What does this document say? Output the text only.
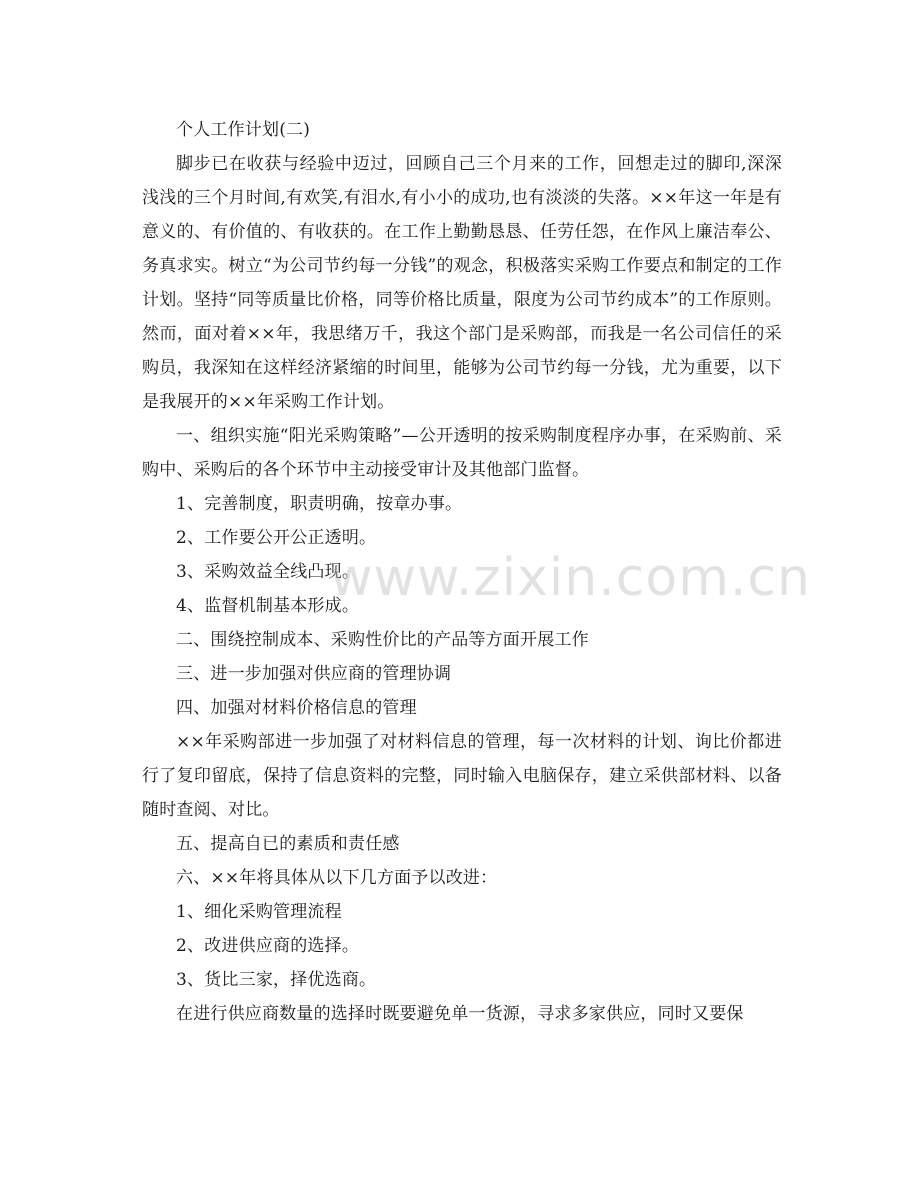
个人工作计划(二)

脚步已在收获与经验中迈过，回顾自己三个月来的工作，回想走过的脚印,深深浅浅的三个月时间,有欢笑,有泪水,有小小的成功,也有淡淡的失落。××年这一年是有意义的、有价值的、有收获的。在工作上勤勤恳恳、任劳任怨，在作风上廉洁奉公、务真求实。树立“为公司节约每一分钱”的观念，积极落实采购工作要点和制定的工作计划。坚持“同等质量比价格，同等价格比质量，限度为公司节约成本”的工作原则。然而，面对着××年，我思绪万千，我这个部门是采购部，而我是一名公司信任的采购员，我深知在这样经济紧缩的时间里，能够为公司节约每一分钱，尤为重要，以下是我展开的××年采购工作计划。

一、组织实施“阳光采购策略”—公开透明的按采购制度程序办事，在采购前、采购中、采购后的各个环节中主动接受审计及其他部门监督。

1、完善制度，职责明确，按章办事。

2、工作要公开公正透明。

3、采购效益全线凸现。

4、监督机制基本形成。

二、围绕控制成本、采购性价比的产品等方面开展工作

三、进一步加强对供应商的管理协调

四、加强对材料价格信息的管理

××年采购部进一步加强了对材料信息的管理，每一次材料的计划、询比价都进行了复印留底，保持了信息资料的完整，同时输入电脑保存，建立采供部材料、以备随时查阅、对比。

五、提高自已的素质和责任感

六、××年将具体从以下几方面予以改进：

1、细化采购管理流程

2、改进供应商的选择。

3、货比三家，择优选商。

在进行供应商数量的选择时既要避免单一货源，寻求多家供应，同时又要保

www.zixin.com.cn
